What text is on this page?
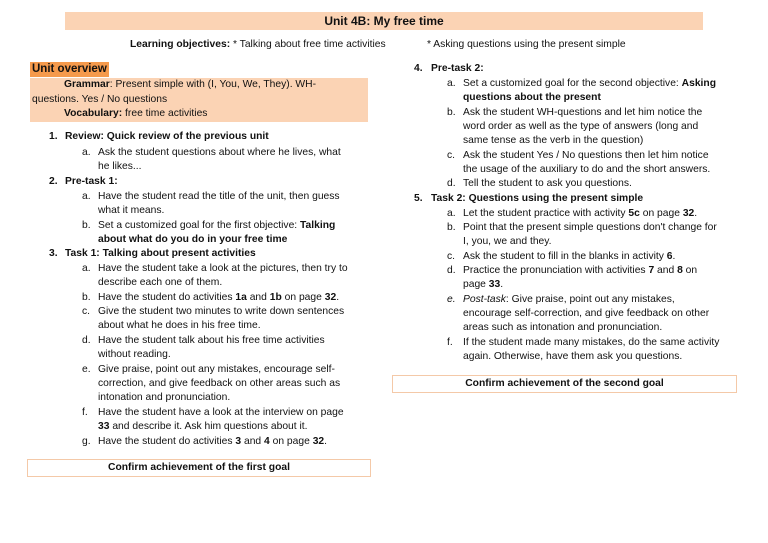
Unit 4B: My free time
Learning objectives: * Talking about free time activities	* Asking questions using the present simple
Unit overview
Grammar: Present simple with (I, You, We, They). WH-
questions. Yes / No questions
Vocabulary: free time activities
1. Review: Quick review of the previous unit
a. Ask the student questions about where he lives, what
he likes...
2. Pre-task 1:
a. Have the student read the title of the unit, then guess
what it means.
b. Set a customized goal for the first objective: Talking
about what do you do in your free time
3. Task 1: Talking about present activities
a. Have the student take a look at the pictures, then try to
describe each one of them.
b. Have the student do activities 1a and 1b on page 32.
c. Give the student two minutes to write down sentences
about what he does in his free time.
d. Have the student talk about his free time activities
without reading.
e. Give praise, point out any mistakes, encourage self-
correction, and give feedback on other areas such as
intonation and pronunciation.
f. Have the student have a look at the interview on page
33 and describe it. Ask him questions about it.
g. Have the student do activities 3 and 4 on page 32.
Confirm achievement of the first goal
4. Pre-task 2:
a. Set a customized goal for the second objective: Asking
questions about the present
b. Ask the student WH-questions and let him notice the
word order as well as the type of answers (long and
same tense as the verb in the question)
c. Ask the student Yes / No questions then let him notice
the usage of the auxiliary to do and the short answers.
d. Tell the student to ask you questions.
5. Task 2: Questions using the present simple
a. Let the student practice with activity 5c on page 32.
b. Point that the present simple questions don't change for
I, you, we and they.
c. Ask the student to fill in the blanks in activity 6.
d. Practice the pronunciation with activities 7 and 8 on
page 33.
e. Post-task: Give praise, point out any mistakes,
encourage self-correction, and give feedback on other
areas such as intonation and pronunciation.
f. If the student made many mistakes, do the same activity
again. Otherwise, have them ask you questions.
Confirm achievement of the second goal
